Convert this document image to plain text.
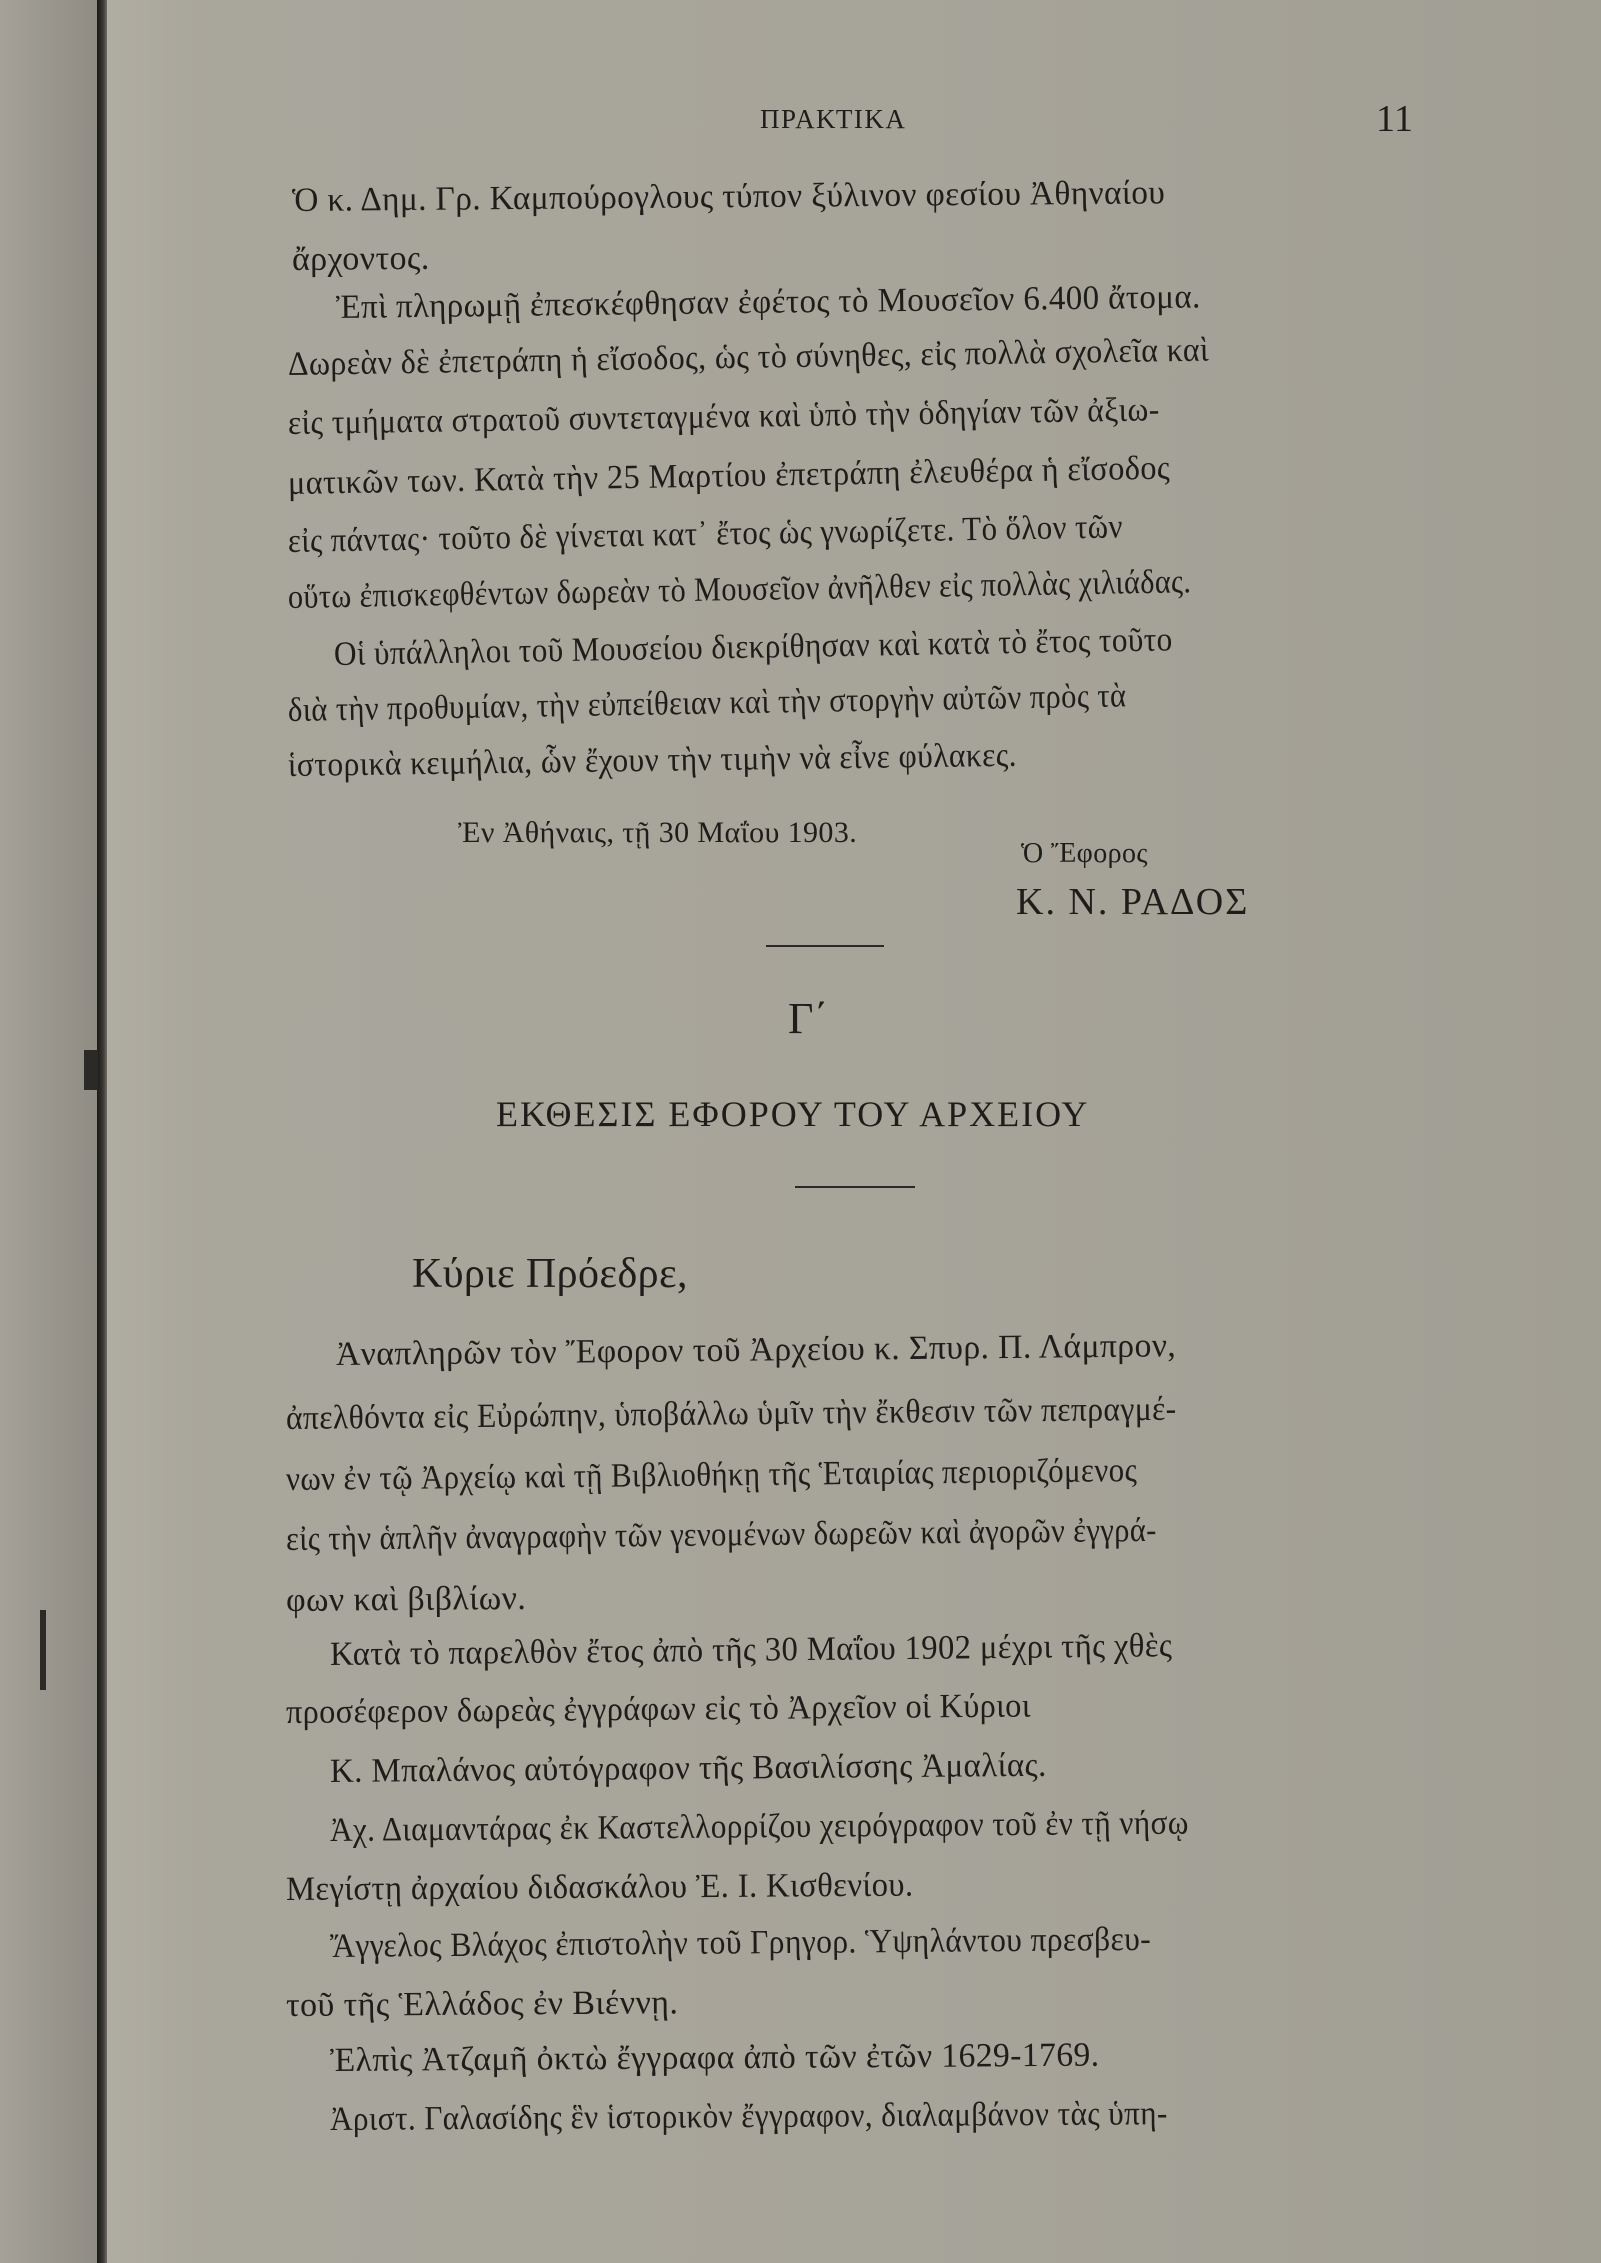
ΠΡΑΚΤΙΚΑ	11
Ὁ κ. Δημ. Γρ. Καμπούρογλους τύπον ξύλινον φεσίου Ἀθηναίου
ἄρχοντος.
Ἐπὶ πληρωμῇ ἐπεσκέφθησαν ἐφέτος τὸ Μουσεῖον 6.400 ἄτομα.
Δωρεὰν δὲ ἐπετράπη ἡ εἴσοδος, ὡς τὸ σύνηθες, εἰς πολλὰ σχολεῖα καὶ
εἰς τμήματα στρατοῦ συντεταγμένα καὶ ὑπὸ τὴν ὁδηγίαν τῶν ἀξιω-
ματικῶν των. Κατὰ τὴν 25 Μαρτίου ἐπετράπη ἐλευθέρα ἡ εἴσοδος
εἰς πάντας· τοῦτο δὲ γίνεται κατ᾿ ἔτος ὡς γνωρίζετε. Τὸ ὅλον τῶν
οὕτω ἐπισκεφθέντων δωρεὰν τὸ Μουσεῖον ἀνῆλθεν εἰς πολλὰς χιλιάδας.
Οἱ ὑπάλληλοι τοῦ Μουσείου διεκρίθησαν καὶ κατὰ τὸ ἔτος τοῦτο
διὰ τὴν προθυμίαν, τὴν εὐπείθειαν καὶ τὴν στοργὴν αὐτῶν πρὸς τὰ
ἱστορικὰ κειμήλια, ὧν ἔχουν τὴν τιμὴν νὰ εἶνε φύλακες.
Ἐν Ἀθήναις, τῇ 30 Μαΐου 1903.
Ὁ Ἔφορος
Κ. Ν. ΡΑΔΟΣ
Γ΄
ΕΚΘΕΣΙΣ ΕΦΟΡΟΥ ΤΟΥ ΑΡΧΕΙΟΥ
Κύριε Πρόεδρε,
Ἀναπληρῶν τὸν Ἔφορον τοῦ Ἀρχείου κ. Σπυρ. Π. Λάμπρον,
ἀπελθόντα εἰς Εὐρώπην, ὑποβάλλω ὑμῖν τὴν ἔκθεσιν τῶν πεπραγμέ-
νων ἐν τῷ Ἀρχείῳ καὶ τῇ Βιβλιοθήκῃ τῆς Ἑταιρίας περιοριζόμενος
εἰς τὴν ἁπλῆν ἀναγραφὴν τῶν γενομένων δωρεῶν καὶ ἀγορῶν ἐγγρά-
φων καὶ βιβλίων.
Κατὰ τὸ παρελθὸν ἔτος ἀπὸ τῆς 30 Μαΐου 1902 μέχρι τῆς χθὲς
προσέφερον δωρεὰς ἐγγράφων εἰς τὸ Ἀρχεῖον οἱ Κύριοι
Κ. Μπαλάνος αὐτόγραφον τῆς Βασιλίσσης Ἀμαλίας.
Ἀχ. Διαμαντάρας ἐκ Καστελλορρίζου χειρόγραφον τοῦ ἐν τῇ νήσῳ
Μεγίστῃ ἀρχαίου διδασκάλου Ἐ. Ι. Κισθενίου.
Ἄγγελος Βλάχος ἐπιστολὴν τοῦ Γρηγορ. Ὑψηλάντου πρεσβευ-
τοῦ τῆς Ἑλλάδος ἐν Βιέννῃ.
Ἐλπὶς Ἀτζαμῆ ὀκτὼ ἔγγραφα ἀπὸ τῶν ἐτῶν 1629-1769.
Ἀριστ. Γαλασίδης ἓν ἱστορικὸν ἔγγραφον, διαλαμβάνον τὰς ὑπη-
